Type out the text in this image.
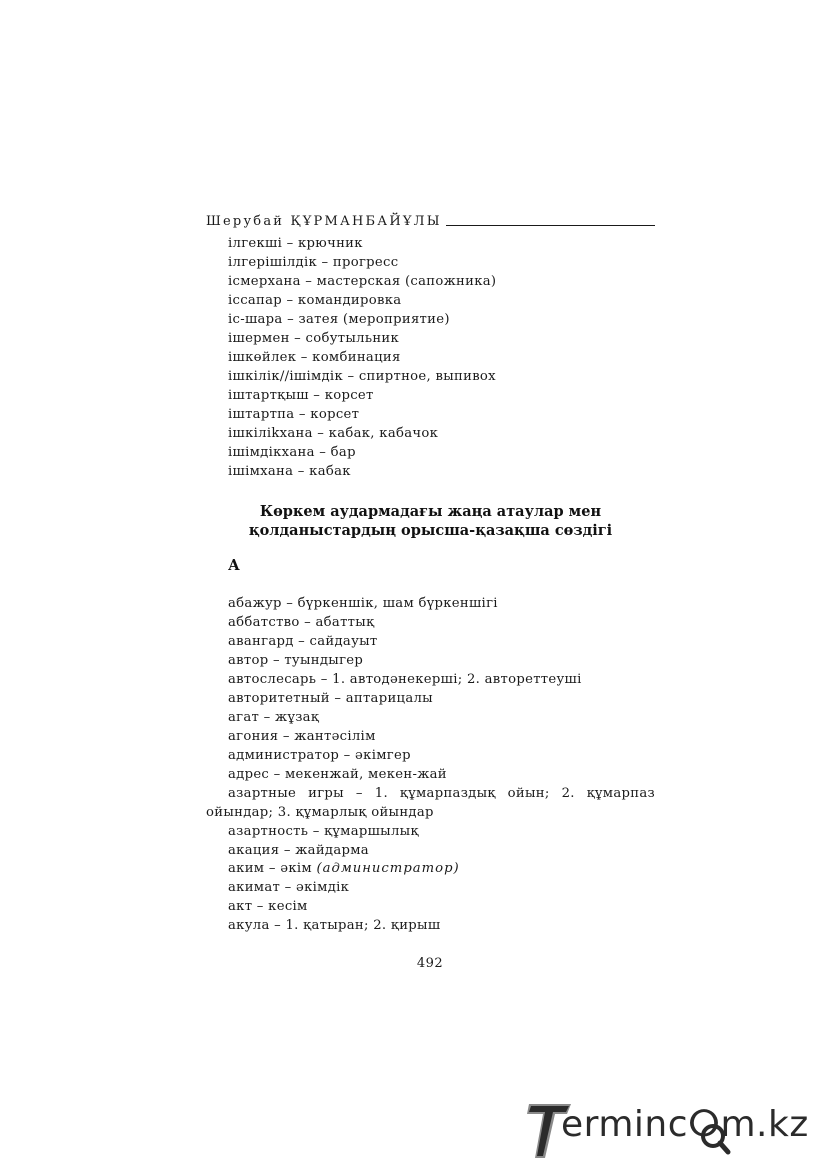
Шерубай ҚҰРМАНБАЙҰЛЫ
ілгекші – крючник
ілгерішілдік – прогресс
ісмерхана – мастерская (сапожника)
іссапар – командировка
іс-шара – затея (мероприятие)
ішермен – собутыльник
ішкөйлек – комбинация
ішкілік//ішімдік – спиртное, выпивох
іштартқыш – корсет
іштартпа – корсет
ішкіліkхана – кабак, кабачок
ішімдікхана – бар
ішімхана – кабак
Көркем аудармадағы жаңа атаулар мен
қолданыстардың орысша-қазақша сөздігі
А
абажур – бүркеншік, шам бүркеншігі
аббатство – абаттық
авангард – сайдауыт
автор – туындыгер
автослесарь – 1. автодәнекерші; 2. автореттеуші
авторитетный – аптарицалы
агат – жұзақ
агония – жантәсілім
администратор – әкімгер
адрес – мекенжай, мекен-жай
азартные игры – 1. құмарпаздық ойын; 2. құмарпаз
ойындар; 3. құмарлық ойындар
азартность – құмаршылық
акация – жайдарма
аким – әкім (администратор)
акимат – әкімдік
акт – кесім
акула – 1. қатыран; 2. қирыш
492
ermincⵔm.kz
